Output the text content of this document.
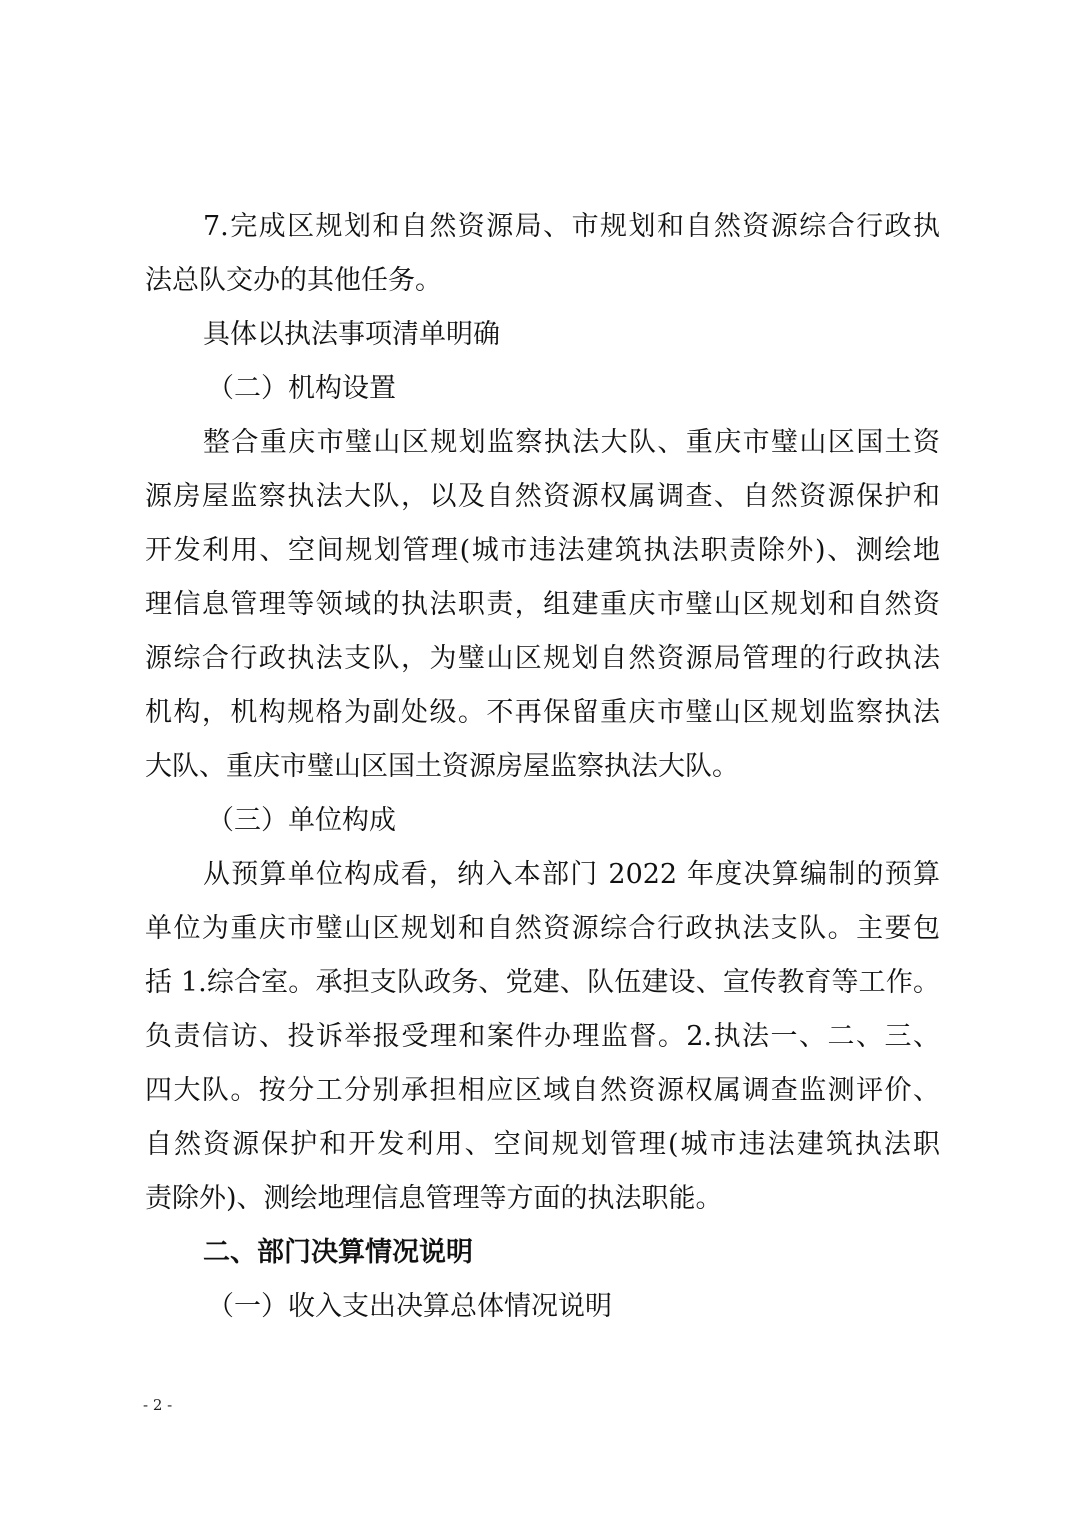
7.完成区规划和自然资源局、市规划和自然资源综合行政执
法总队交办的其他任务。
具体以执法事项清单明确
（二）机构设置
整合重庆市璧山区规划监察执法大队、重庆市璧山区国土资
源房屋监察执法大队，以及自然资源权属调查、自然资源保护和
开发利用、空间规划管理(城市违法建筑执法职责除外)、测绘地
理信息管理等领域的执法职责，组建重庆市璧山区规划和自然资
源综合行政执法支队，为璧山区规划自然资源局管理的行政执法
机构，机构规格为副处级。不再保留重庆市璧山区规划监察执法
大队、重庆市璧山区国土资源房屋监察执法大队。
（三）单位构成
从预算单位构成看，纳入本部门 2022 年度决算编制的预算
单位为重庆市璧山区规划和自然资源综合行政执法支队。主要包
括 1.综合室。承担支队政务、党建、队伍建设、宣传教育等工作。
负责信访、投诉举报受理和案件办理监督。2.执法一、二、三、
四大队。按分工分别承担相应区域自然资源权属调查监测评价、
自然资源保护和开发利用、空间规划管理(城市违法建筑执法职
责除外)、测绘地理信息管理等方面的执法职能。
二、部门决算情况说明
（一）收入支出决算总体情况说明
- 2 -
